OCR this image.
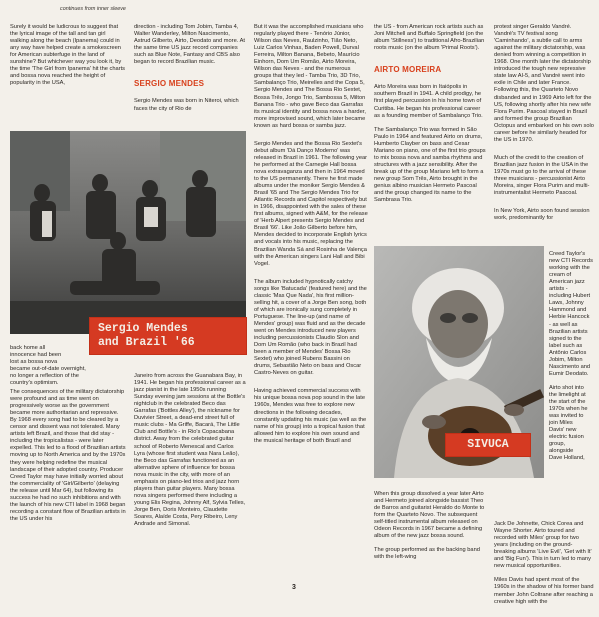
continues from inner sleeve

Surely it would be ludicrous to suggest that the lyrical image of the tall and tan girl walking along the beach (Ipanema) could in any way have helped create a smokescreen for American subterfuge in the land of sunshine? But whichever way you look it, by the time 'The Girl from Ipanema' hit the charts and bossa nova reached the height of popularity in the USA,

direction - including Tom Jobim, Tamba 4, Walter Wanderley, Milton Nascimento, Astrud Gilberto, Airto, Deodato and more. At the same time US jazz record companies such as Blue Note, Fantasy and CBS also began to record Brazilian music.

SERGIO MENDES

Sergio Mendes was born in Niteroi, which faces the city of Rio de

Sergio Mendes
and Brazil '66

back home all
innocence had been
lost as bossa nova
became out-of-date overnight, no longer a reflection of the country's optimism.

The consequences of the military dictatorship were profound and as time went on progressively worse as the government became more authoritarian and repressive. By 1968 every song had to be cleared by a censor and dissent was not tolerated. Many artists left Brazil, and those that did stay - including the tropicalistas - were later expelled. This led to a flood of Brazilian artists moving up to North America and by the 1970s they were helping redefine the musical landscape of their adopted country. Producer Creed Taylor may have initially worried about the commerciality of 'Girl/Gilberto' (delaying the release until Mar 64), but following its success he had no such inhibitions and with the launch of his new CTI label in 1968 began recording a constant flow of Brazilian artists in the US under his

Janeiro from across the Guanabara Bay, in 1941. He began his professional career as a jazz pianist in the late 1950s running Sunday evening jam sessions at the Bottle's nightclub in the celebrated Beco das Garrafas ('Bottles Alley'), the nickname for Duvivier Street, a dead-end street full of music clubs - Ma Griffe, Bacará, The Little Club and Bottle's - in Rio's Copacabana district. Away from the celebrated guitar school of Roberto Menescal and Carlos Lyra (whose first student was Nara Leão), the Beco das Garrafas functioned as an alternative sphere of influence for bossa nova music in the city, with more of an emphasis on piano-led trios and jazz horn players than guitar players. Many bossa nova singers performed there including a young Elis Regina, Johnny Alf, Sylvia Telles, Jorge Ben, Doris Monteiro, Claudette Soares, Alaíde Costa, Pery Ribeiro, Leny Andrade and Simonal.

But it was the accomplished musicians who regularly played there - Tenório Júnior, Wilson das Neves, Raulzinho, Tião Neto, Luiz Carlos Vinhas, Baden Powell, Durval Ferreira, Milton Banana, Bebeto, Maurício Einhorn, Dom Um Romão, Airto Moreira, Wilson das Neves - and the numerous groups that they led - Tamba Trio, 3D Trio, Sambalanço Trio, Meirelles and the Copa 5, Sergio Mendes and The Bossa Rio Sextet, Bossa Três, Jongo Trio, Sambossa 5, Milton Banana Trio - who gave Beco das Garrafas its musical identity and bossa nova a harder, more improvised sound, which later became known as hard bossa or samba jazz.

Sergio Mendes and the Bossa Rio Sextet's debut album 'Dá Danço Moderno' was released in Brazil in 1961. The following year he performed at the Carnegie Hall bossa nova extravaganza and then in 1964 moved to the US permanently. There he first made albums under the moniker Sergio Mendes & Brasil '65 and The Sergio Mendes Trio for Atlantic Records and Capitol respectively but in 1966, disappointed with the sales of these first albums, signed with A&M, for the release of 'Herb Alpert presents Sergio Mendes and Brasil '66'. Like João Gilberto before him, Mendes decided to incorporate English lyrics and vocals into his music, replacing the Brazilian Wanda Sá and Rosinha de Valença with the American singers Lani Hall and Bibi Vogel.

The album included hypnotically catchy songs like 'Batucada' (featured here) and the classic 'Mas Que Nada', his first million-selling hit, a cover of a Jorge Ben song, both of which are ironically sung completely in Portuguese. The line-up (and name of Mendes' group) was fluid and as the decade went on Mendes introduced new players including percussionists Claudio Slon and Dom Um Romão (who back in Brazil had been a member of Mendes' Bossa Rio Sextet) who joined Rubens Bassini on drums, Sebastião Neto on bass and Oscar Castro-Neves on guitar.

Having achieved commercial success with his unique bossa nova pop sound in the late 1960s, Mendes was free to explore new directions in the following decades, constantly updating his music (as well as the name of his group) into a tropical fusion that allowed him to explore his own sound and the musical heritage of both Brazil and

the US - from American rock artists such as Joni Mitchell and Buffalo Springfield (on the album 'Stillness') to traditional Afro-Brazilian roots music (on the album 'Primal Roots').

AIRTO MOREIRA

Airto Moreira was born in Itaiópolis in southern Brazil in 1941. A child prodigy, he first played percussion in his home town of Curitiba. He began his professional career as a founding member of Sambalanço Trio.

The Sambalanço Trio was formed in São Paulo in 1964 and featured Airto on drums, Humberto Clayber on bass and Cesar Mariano on piano, one of the first trio groups to mix bossa nova and samba rhythms and structures with a jazz sensibility. After the break up of the group Mariano left to form a new group Som Três, Airto brought in the genius albino musician Hermeto Pascoal and the group changed its name to the Sambrasa Trio.

protest singer Geraldo Vandré. Vandré's TV festival song 'Caminhando', a subtle call to arms against the military dictatorship, was denied from winning a competition in 1968. One month later the dictatorship introduced the tough new repressive state law AI-5, and Vandré went into exile in Chile and later France. Following this, the Quarteto Novo disbanded and in 1969 Airto left for the US, following shortly after his new wife Flora Purim. Pascoal stayed in Brazil and formed the group Brazilian Octopus and embarked on his own solo career before he similarly headed for the US in 1970.

Much of the credit to the creation of Brazilian jazz fusion in the USA in the 1970s must go to the arrival of these three musicians - percussionist Airto Moreira, singer Flora Purim and multi-instrumentalist Hermeto Pascoal.

In New York, Airto soon found session work, predominantly for

SIVUCA

Creed Taylor's
new CTI Records
working with the
cream of
American jazz
artists -
including Hubert
Laws, Johnny
Hammond and
Herbie Hancock
- as well as
Brazilian artists
signed to the
label such as
Antônio Carlos
Jobim, Milton
Nascimento and
Eumir Deodato.

Airto shot into
the limelight at
the start of the
1970s when he
was invited to
join Miles
Davis' new
electric fusion
group,
alongside
Dave Holland,

When this group dissolved a year later Airto and Hermeto joined alongside bassist Theo de Barros and guitarist Heraldo do Monte to form the Quarteto Novo. The subsequent self-titled instrumental album released on Odeon Records in 1967 became a defining album of the new jazz bossa sound.

The group performed as the backing band with the left-wing

Jack De Johnette, Chick Corea and Wayne Shorter. Airto toured and recorded with Miles' group for two years (including on the ground-breaking albums 'Live Evil', 'Get with It' and 'Big Fun'). This in turn led to many new musical opportunities.

Miles Davis had spent most of the 1960s in the shadow of his former band member John Coltrane after reaching a creative high with the

3
